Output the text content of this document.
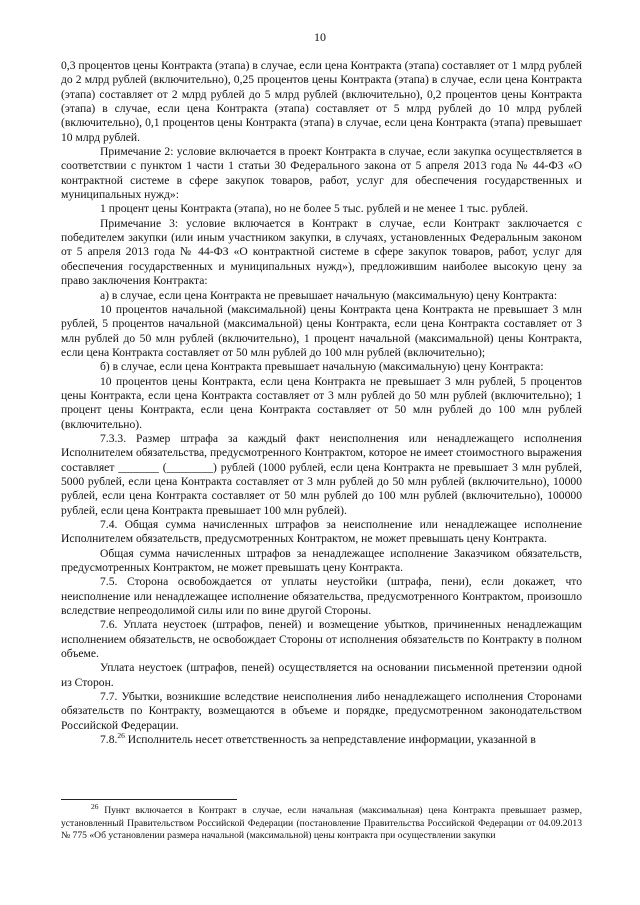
10

0,3 процентов цены Контракта (этапа) в случае, если цена Контракта (этапа) составляет от 1 млрд рублей до 2 млрд рублей (включительно), 0,25 процентов цены Контракта (этапа) в случае, если цена Контракта (этапа) составляет от 2 млрд рублей до 5 млрд рублей (включительно), 0,2 процентов цены Контракта (этапа) в случае, если цена Контракта (этапа) составляет от 5 млрд рублей до 10 млрд рублей (включительно), 0,1 процентов цены Контракта (этапа) в случае, если цена Контракта (этапа) превышает 10 млрд рублей.

Примечание 2: условие включается в проект Контракта в случае, если закупка осуществляется в соответствии с пунктом 1 части 1 статьи 30 Федерального закона от 5 апреля 2013 года № 44-ФЗ «О контрактной системе в сфере закупок товаров, работ, услуг для обеспечения государственных и муниципальных нужд»:

1 процент цены Контракта (этапа), но не более 5 тыс. рублей и не менее 1 тыс. рублей.

Примечание 3: условие включается в Контракт в случае, если Контракт заключается с победителем закупки (или иным участником закупки, в случаях, установленных Федеральным законом от 5 апреля 2013 года № 44-ФЗ «О контрактной системе в сфере закупок товаров, работ, услуг для обеспечения государственных и муниципальных нужд»), предложившим наиболее высокую цену за право заключения Контракта:

а) в случае, если цена Контракта не превышает начальную (максимальную) цену Контракта:

10 процентов начальной (максимальной) цены Контракта цена Контракта не превышает 3 млн рублей, 5 процентов начальной (максимальной) цены Контракта, если цена Контракта составляет от 3 млн рублей до 50 млн рублей (включительно), 1 процент начальной (максимальной) цены Контракта, если цена Контракта составляет от 50 млн рублей до 100 млн рублей (включительно);

б) в случае, если цена Контракта превышает начальную (максимальную) цену Контракта:

10 процентов цены Контракта, если цена Контракта не превышает 3 млн рублей, 5 процентов цены Контракта, если цена Контракта составляет от 3 млн рублей до 50 млн рублей (включительно); 1 процент цены Контракта, если цена Контракта составляет от 50 млн рублей до 100 млн рублей (включительно).

7.3.3. Размер штрафа за каждый факт неисполнения или ненадлежащего исполнения Исполнителем обязательства, предусмотренного Контрактом, которое не имеет стоимостного выражения составляет _______ (________) рублей (1000 рублей, если цена Контракта не превышает 3 млн рублей, 5000 рублей, если цена Контракта составляет от 3 млн рублей до 50 млн рублей (включительно), 10000 рублей, если цена Контракта составляет от 50 млн рублей до 100 млн рублей (включительно), 100000 рублей, если цена Контракта превышает 100 млн рублей).

7.4. Общая сумма начисленных штрафов за неисполнение или ненадлежащее исполнение Исполнителем обязательств, предусмотренных Контрактом, не может превышать цену Контракта.

Общая сумма начисленных штрафов за ненадлежащее исполнение Заказчиком обязательств, предусмотренных Контрактом, не может превышать цену Контракта.

7.5. Сторона освобождается от уплаты неустойки (штрафа, пени), если докажет, что неисполнение или ненадлежащее исполнение обязательства, предусмотренного Контрактом, произошло вследствие непреодолимой силы или по вине другой Стороны.

7.6. Уплата неустоек (штрафов, пеней) и возмещение убытков, причиненных ненадлежащим исполнением обязательств, не освобождает Стороны от исполнения обязательств по Контракту в полном объеме.

Уплата неустоек (штрафов, пеней) осуществляется на основании письменной претензии одной из Сторон.

7.7. Убытки, возникшие вследствие неисполнения либо ненадлежащего исполнения Сторонами обязательств по Контракту, возмещаются в объеме и порядке, предусмотренном законодательством Российской Федерации.

7.8.26 Исполнитель несет ответственность за непредставление информации, указанной в

$^{26}$ Пункт включается в Контракт в случае, если начальная (максимальная) цена Контракта превышает размер, установленный Правительством Российской Федерации (постановление Правительства Российской Федерации от 04.09.2013 № 775 «Об установлении размера начальной (максимальной) цены контракта при осуществлении закупки
